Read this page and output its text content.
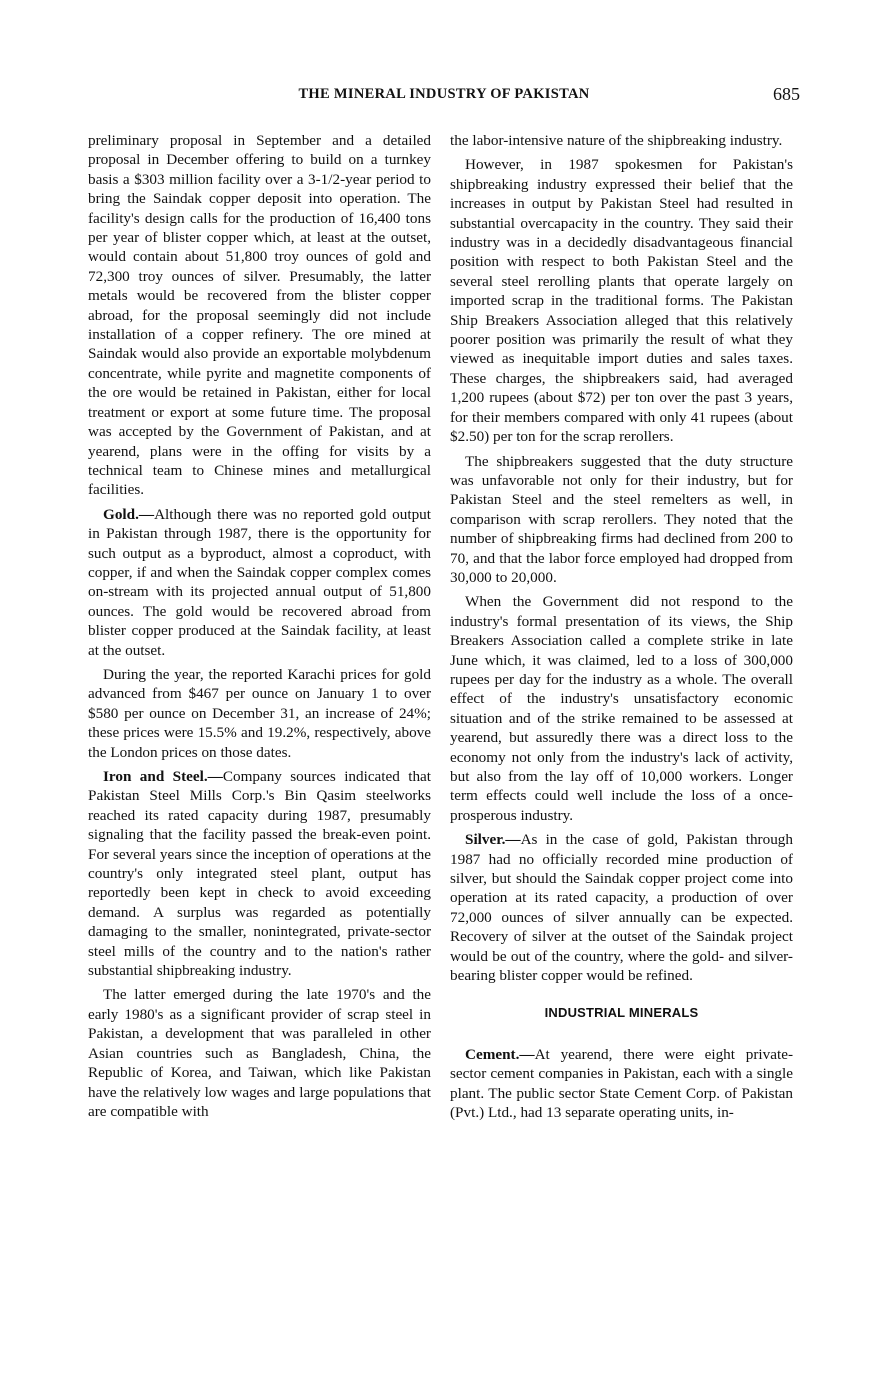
THE MINERAL INDUSTRY OF PAKISTAN	685

preliminary proposal in September and a detailed proposal in December offering to build on a turnkey basis a $303 million facility over a 3-1/2-year period to bring the Saindak copper deposit into operation. The facility's design calls for the production of 16,400 tons per year of blister copper which, at least at the outset, would contain about 51,800 troy ounces of gold and 72,300 troy ounces of silver. Presumably, the latter metals would be recovered from the blister copper abroad, for the proposal seemingly did not include installation of a copper refinery. The ore mined at Saindak would also provide an exportable molybdenum concentrate, while pyrite and magnetite components of the ore would be retained in Pakistan, either for local treatment or export at some future time. The proposal was accepted by the Government of Pakistan, and at yearend, plans were in the offing for visits by a technical team to Chinese mines and metallurgical facilities.

Gold.—Although there was no reported gold output in Pakistan through 1987, there is the opportunity for such output as a byproduct, almost a coproduct, with copper, if and when the Saindak copper complex comes on-stream with its projected annual output of 51,800 ounces. The gold would be recovered abroad from blister copper produced at the Saindak facility, at least at the outset.

During the year, the reported Karachi prices for gold advanced from $467 per ounce on January 1 to over $580 per ounce on December 31, an increase of 24%; these prices were 15.5% and 19.2%, respectively, above the London prices on those dates.

Iron and Steel.—Company sources indicated that Pakistan Steel Mills Corp.'s Bin Qasim steelworks reached its rated capacity during 1987, presumably signaling that the facility passed the break-even point. For several years since the inception of operations at the country's only integrated steel plant, output has reportedly been kept in check to avoid exceeding demand. A surplus was regarded as potentially damaging to the smaller, nonintegrated, private-sector steel mills of the country and to the nation's rather substantial shipbreaking industry.

The latter emerged during the late 1970's and the early 1980's as a significant provider of scrap steel in Pakistan, a development that was paralleled in other Asian countries such as Bangladesh, China, the Republic of Korea, and Taiwan, which like Pakistan have the relatively low wages and large populations that are compatible with

the labor-intensive nature of the shipbreaking industry.

However, in 1987 spokesmen for Pakistan's shipbreaking industry expressed their belief that the increases in output by Pakistan Steel had resulted in substantial overcapacity in the country. They said their industry was in a decidedly disadvantageous financial position with respect to both Pakistan Steel and the several steel rerolling plants that operate largely on imported scrap in the traditional forms. The Pakistan Ship Breakers Association alleged that this relatively poorer position was primarily the result of what they viewed as inequitable import duties and sales taxes. These charges, the shipbreakers said, had averaged 1,200 rupees (about $72) per ton over the past 3 years, for their members compared with only 41 rupees (about $2.50) per ton for the scrap rerollers.

The shipbreakers suggested that the duty structure was unfavorable not only for their industry, but for Pakistan Steel and the steel remelters as well, in comparison with scrap rerollers. They noted that the number of shipbreaking firms had declined from 200 to 70, and that the labor force employed had dropped from 30,000 to 20,000.

When the Government did not respond to the industry's formal presentation of its views, the Ship Breakers Association called a complete strike in late June which, it was claimed, led to a loss of 300,000 rupees per day for the industry as a whole. The overall effect of the industry's unsatisfactory economic situation and of the strike remained to be assessed at yearend, but assuredly there was a direct loss to the economy not only from the industry's lack of activity, but also from the lay off of 10,000 workers. Longer term effects could well include the loss of a once-prosperous industry.

Silver.—As in the case of gold, Pakistan through 1987 had no officially recorded mine production of silver, but should the Saindak copper project come into operation at its rated capacity, a production of over 72,000 ounces of silver annually can be expected. Recovery of silver at the outset of the Saindak project would be out of the country, where the gold- and silver-bearing blister copper would be refined.

INDUSTRIAL MINERALS

Cement.—At yearend, there were eight private-sector cement companies in Pakistan, each with a single plant. The public sector State Cement Corp. of Pakistan (Pvt.) Ltd., had 13 separate operating units, in-
